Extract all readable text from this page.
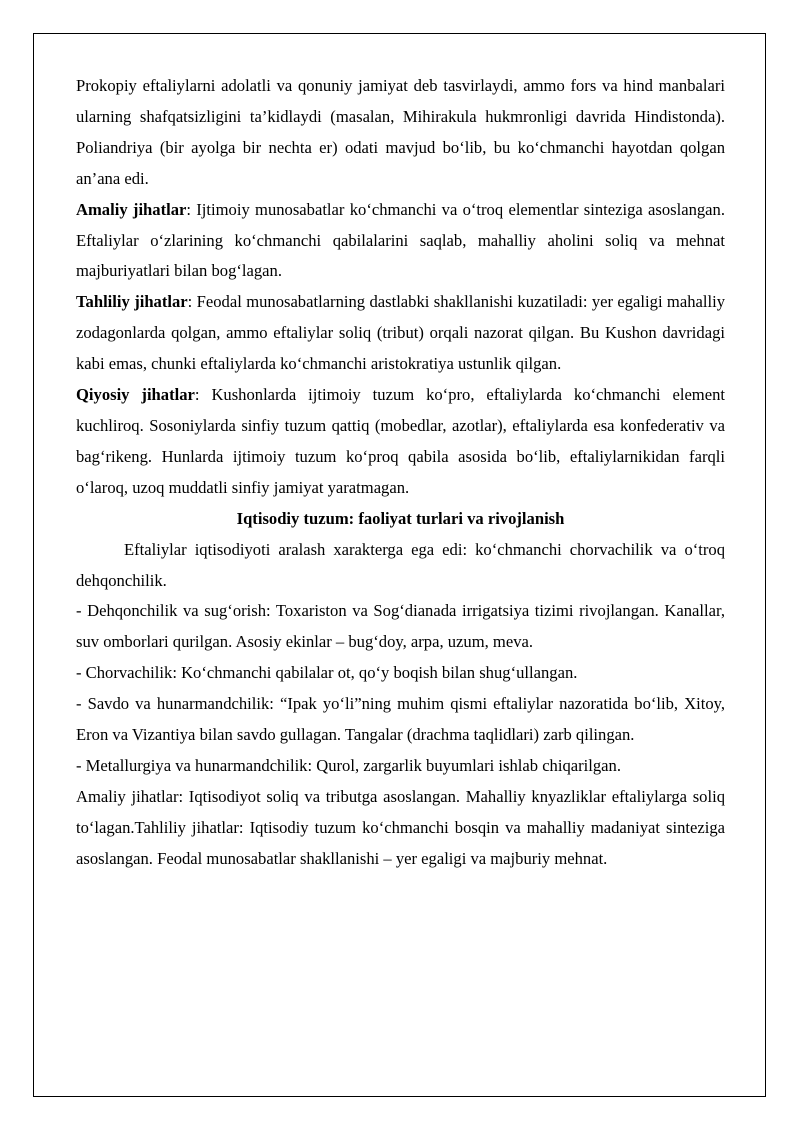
Prokopiy eftaliylarni adolatli va qonuniy jamiyat deb tasvirlaydi, ammo fors va hind manbalari ularning shafqatsizligini ta’kidlaydi (masalan, Mihirakula hukmronligi davrida Hindistonda). Poliandriya (bir ayolga bir nechta er) odati mavjud bo‘lib, bu ko‘chmanchi hayotdan qolgan an’ana edi.

Amaliy jihatlar: Ijtimoiy munosabatlar ko‘chmanchi va o‘troq elementlar sinteziga asoslangan. Eftaliylar o‘zlarining ko‘chmanchi qabilalarini saqlab, mahalliy aholini soliq va mehnat majburiyatlari bilan bog‘lagan.

Tahliliy jihatlar: Feodal munosabatlarning dastlabki shakllanishi kuzatiladi: yer egaligi mahalliy zodagonlarda qolgan, ammo eftaliylar soliq (tribut) orqali nazorat qilgan. Bu Kushon davridagi kabi emas, chunki eftaliylarda ko‘chmanchi aristokratiya ustunlik qilgan.

Qiyosiy jihatlar: Kushonlarda ijtimoiy tuzum ko‘pro, eftaliylarda ko‘chmanchi element kuchliroq. Sosoniylarda sinfiy tuzum qattiq (mobedlar, azotlar), eftaliylarda esa konfederativ va bag‘rikeng. Hunlarda ijtimoiy tuzum ko‘proq qabila asosida bo‘lib, eftaliylarnikidan farqli o‘laroq, uzoq muddatli sinfiy jamiyat yaratmagan.

Iqtisodiy tuzum: faoliyat turlari va rivojlanish

Eftaliylar iqtisodiyoti aralash xarakterga ega edi: ko‘chmanchi chorvachilik va o‘troq dehqonchilik.

- Dehqonchilik va sug‘orish: Toxariston va Sog‘dianada irrigatsiya tizimi rivojlangan. Kanallar, suv omborlari qurilgan. Asosiy ekinlar – bug‘doy, arpa, uzum, meva.

- Chorvachilik: Ko‘chmanchi qabilalar ot, qo‘y boqish bilan shug‘ullangan.

- Savdo va hunarmandchilik: “Ipak yo‘li”ning muhim qismi eftaliylar nazoratida bo‘lib, Xitoy, Eron va Vizantiya bilan savdo gullagan. Tangalar (drachma taqlidlari) zarb qilingan.

- Metallurgiya va hunarmandchilik: Qurol, zargarlik buyumlari ishlab chiqarilgan.

Amaliy jihatlar: Iqtisodiyot soliq va tributga asoslangan. Mahalliy knyazliklar eftaliylarga soliq to‘lagan.Tahliliy jihatlar: Iqtisodiy tuzum ko‘chmanchi bosqin va mahalliy madaniyat sinteziga asoslangan. Feodal munosabatlar shakllanishi – yer egaligi va majburiy mehnat.
